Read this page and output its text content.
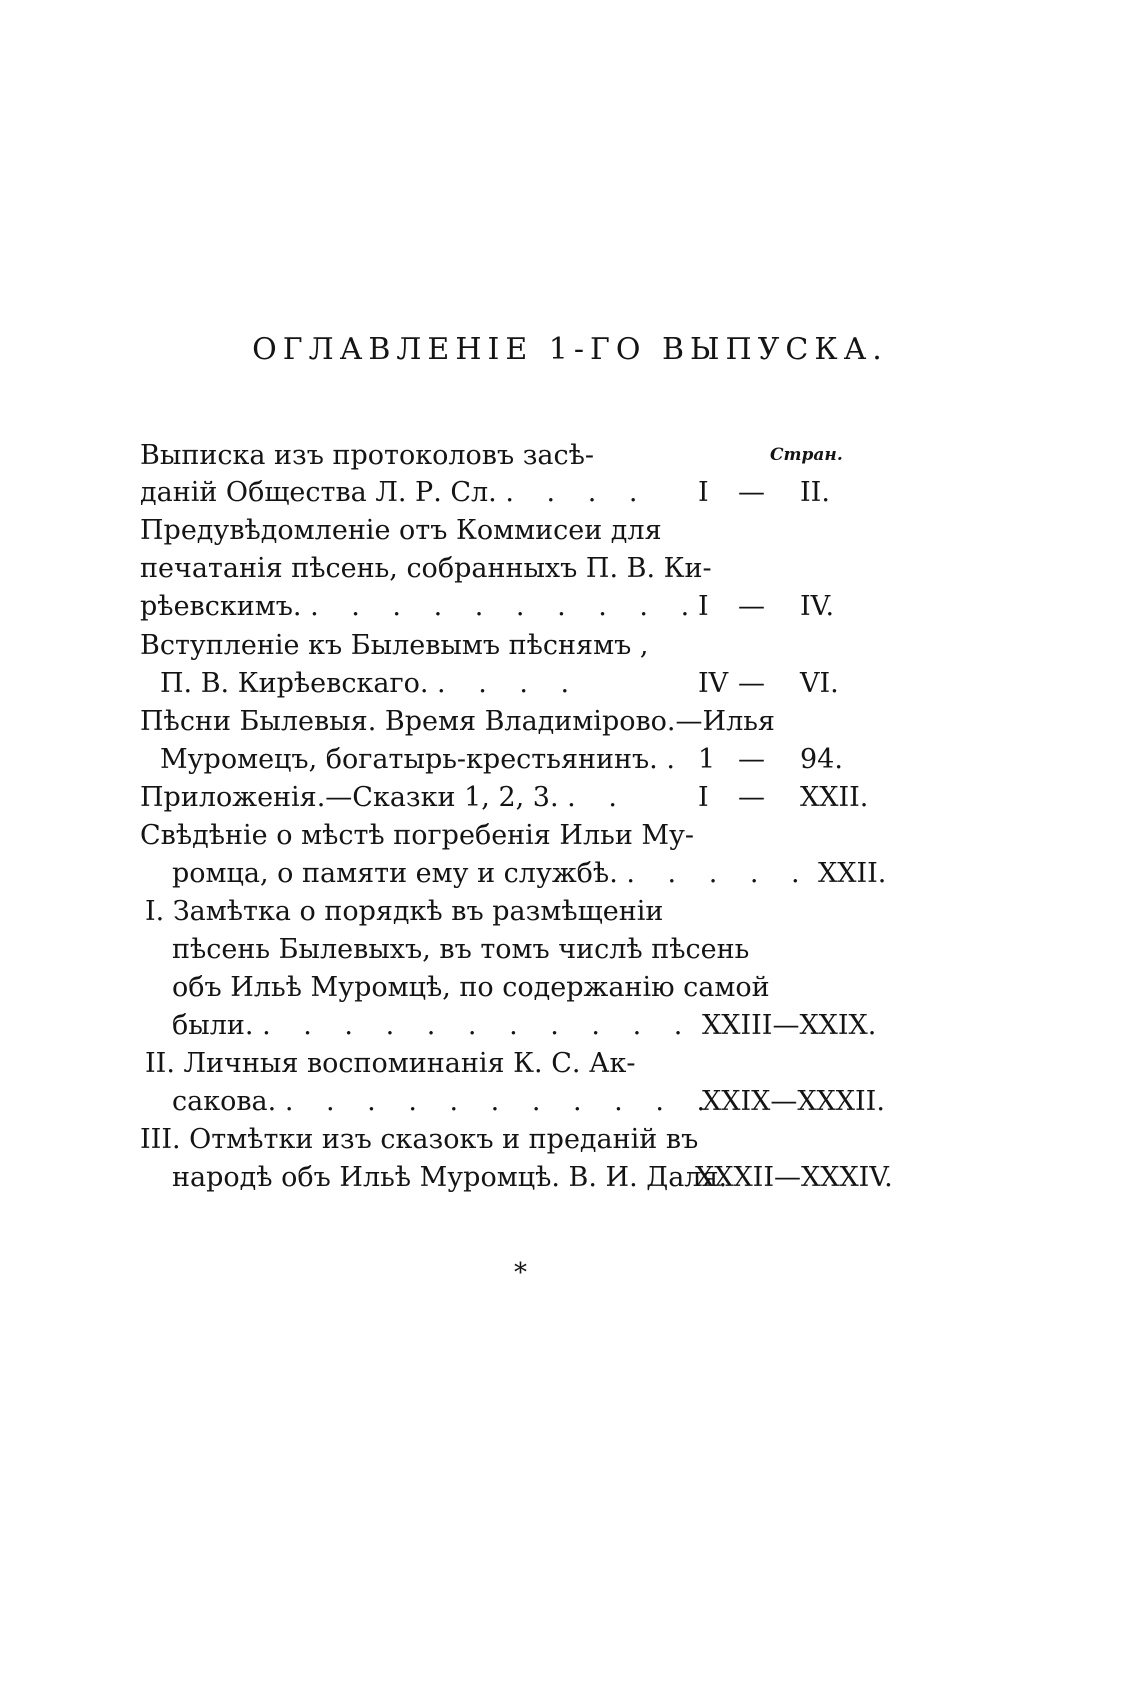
ОГЛАВЛЕНІЕ 1-ГО ВЫПУСКА.
Стран.
Выписка изъ протоколовъ засѣ-
даній Общества Л. Р. Сл. . . . . I — II.
Предувѣдомленіе отъ Коммисеи для
печатанія пѣсень, собранныхъ П. В. Ки-
рѣевскимъ. . . . . . . . . . .
I — IV.
Вступленіе къ Былевымъ пѣснямъ ,
П. В. Кирѣевскаго. . . . .	IV — VI.
Пѣсни Былевыя. Время Владимірово.—Илья
Муромецъ, богатырь-крестьянинъ. . 1 — 94.
Приложенія.—Сказки 1, 2, 3. . .	I — XXII.
Свѣдѣніе о мѣстѣ погребенія Ильи Му-
ромца, о памяти ему и службѣ. . . . . . XXII.
I. Замѣтка о порядкѣ въ размѣщеніи
пѣсень Былевыхъ, въ томъ числѣ пѣсень
объ Ильѣ Муромцѣ, по содержанію самой
были. . . . . . . . . . . . XXIII—XXIX.
II. Личныя воспоминанія К. С. Ак-
сакова. . . . . . . . . . . .
XXIX—XXXII.
III. Отмѣтки изъ сказокъ и преданій въ
народѣ объ Ильѣ Муромцѣ. В. И. Даля.
XXXII—XXXIV.
*
